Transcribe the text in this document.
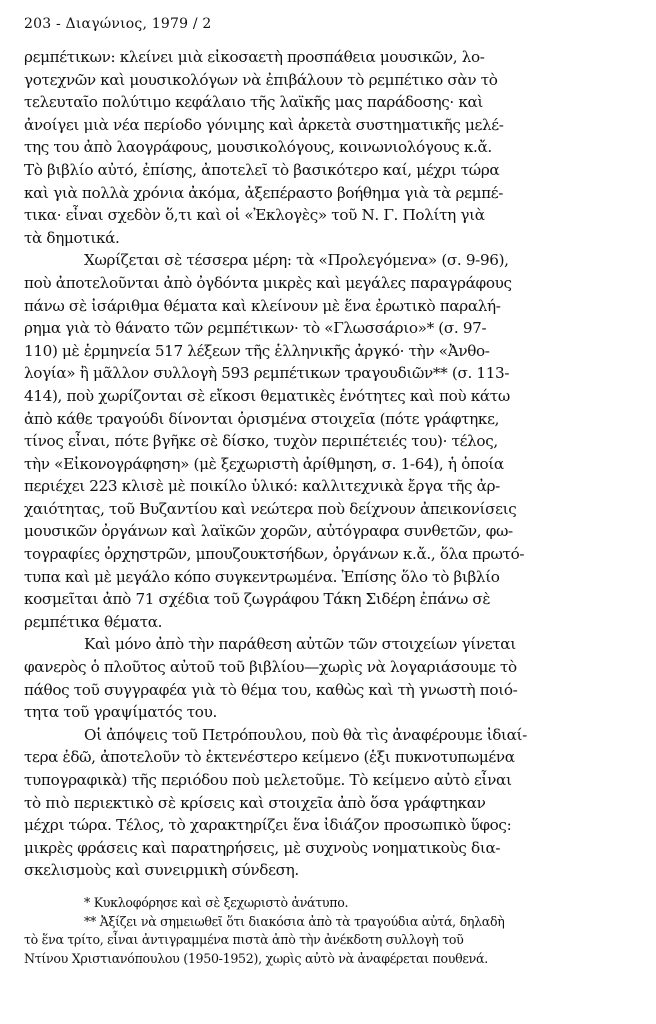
203 - Διαγώνιος, 1979 / 2

ρεμπέτικων: κλείνει μιὰ εἰκοσαετὴ προσπάθεια μουσικῶν, λο-
γοτεχνῶν καὶ μουσικολόγων νὰ ἐπιβάλουν τὸ ρεμπέτικο σὰν τὸ
τελευταῖο πολύτιμο κεφάλαιο τῆς λαϊκῆς μας παράδοσης· καὶ
ἀνοίγει μιὰ νέα περίοδο γόνιμης καὶ ἀρκετὰ συστηματικῆς μελέ-
της του ἀπὸ λαογράφους, μουσικολόγους, κοινωνιολόγους κ.ἄ.
Τὸ βιβλίο αὐτό, ἐπίσης, ἀποτελεῖ τὸ βασικότερο καί, μέχρι τώρα
καὶ γιὰ πολλὰ χρόνια ἀκόμα, ἀξεπέραστο βοήθημα γιὰ τὰ ρεμπέ-
τικα· εἶναι σχεδὸν ὅ,τι καὶ οἱ «Ἐκλογὲς» τοῦ Ν. Γ. Πολίτη γιὰ
τὰ δημοτικά.

Χωρίζεται σὲ τέσσερα μέρη: τὰ «Προλεγόμενα» (σ. 9-96),
ποὺ ἀποτελοῦνται ἀπὸ ὀγδόντα μικρὲς καὶ μεγάλες παραγράφους
πάνω σὲ ἰσάριθμα θέματα καὶ κλείνουν μὲ ἕνα ἐρωτικὸ παραλή-
ρημα γιὰ τὸ θάνατο τῶν ρεμπέτικων· τὸ «Γλωσσάριο»* (σ. 97-
110) μὲ ἑρμηνεία 517 λέξεων τῆς ἑλληνικῆς ἀργκό· τὴν «Ἀνθο-
λογία» ἢ μᾶλλον συλλογὴ 593 ρεμπέτικων τραγουδιῶν** (σ. 113-
414), ποὺ χωρίζονται σὲ εἴκοσι θεματικὲς ἑνότητες καὶ ποὺ κάτω
ἀπὸ κάθε τραγούδι δίνονται ὁρισμένα στοιχεῖα (πότε γράφτηκε,
τίνος εἶναι, πότε βγῆκε σὲ δίσκο, τυχὸν περιπέτειές του)· τέλος,
τὴν «Εἰκονογράφηση» (μὲ ξεχωριστὴ ἀρίθμηση, σ. 1-64), ἡ ὁποία
περιέχει 223 κλισὲ μὲ ποικίλο ὑλικό: καλλιτεχνικὰ ἔργα τῆς ἀρ-
χαιότητας, τοῦ Βυζαντίου καὶ νεώτερα ποὺ δείχνουν ἀπεικονίσεις
μουσικῶν ὀργάνων καὶ λαϊκῶν χορῶν, αὐτόγραφα συνθετῶν, φω-
τογραφίες ὀρχηστρῶν, μπουζουκτσήδων, ὀργάνων κ.ἄ., ὅλα πρωτό-
τυπα καὶ μὲ μεγάλο κόπο συγκεντρωμένα. Ἐπίσης ὅλο τὸ βιβλίο
κοσμεῖται ἀπὸ 71 σχέδια τοῦ ζωγράφου Τάκη Σιδέρη ἐπάνω σὲ
ρεμπέτικα θέματα.

Καὶ μόνο ἀπὸ τὴν παράθεση αὐτῶν τῶν στοιχείων γίνεται
φανερὸς ὁ πλοῦτος αὐτοῦ τοῦ βιβλίου—χωρὶς νὰ λογαριάσουμε τὸ
πάθος τοῦ συγγραφέα γιὰ τὸ θέμα του, καθὼς καὶ τὴ γνωστὴ ποιό-
τητα τοῦ γραψίματός του.

Οἱ ἀπόψεις τοῦ Πετρόπουλου, ποὺ θὰ τὶς ἀναφέρουμε ἰδιαί-
τερα ἐδῶ, ἀποτελοῦν τὸ ἐκτενέστερο κείμενο (ἑξι πυκνοτυπωμένα
τυπογραφικὰ) τῆς περιόδου ποὺ μελετοῦμε. Τὸ κείμενο αὐτὸ εἶναι
τὸ πιὸ περιεκτικὸ σὲ κρίσεις καὶ στοιχεῖα ἀπὸ ὅσα γράφτηκαν
μέχρι τώρα. Τέλος, τὸ χαρακτηρίζει ἕνα ἰδιάζον προσωπικὸ ὕφος:
μικρὲς φράσεις καὶ παρατηρήσεις, μὲ συχνοὺς νοηματικοὺς δια-
σκελισμοὺς καὶ συνειρμικὴ σύνδεση.

* Κυκλοφόρησε καὶ σὲ ξεχωριστὸ ἀνάτυπο.
** Ἀξίζει νὰ σημειωθεῖ ὅτι διακόσια ἀπὸ τὰ τραγούδια αὐτά, δηλαδὴ
τὸ ἕνα τρίτο, εἶναι ἀντιγραμμένα πιστὰ ἀπὸ τὴν ἀνέκδοτη συλλογὴ τοῦ
Ντίνου Χριστιανόπουλου (1950-1952), χωρὶς αὐτὸ νὰ ἀναφέρεται πουθενά.
